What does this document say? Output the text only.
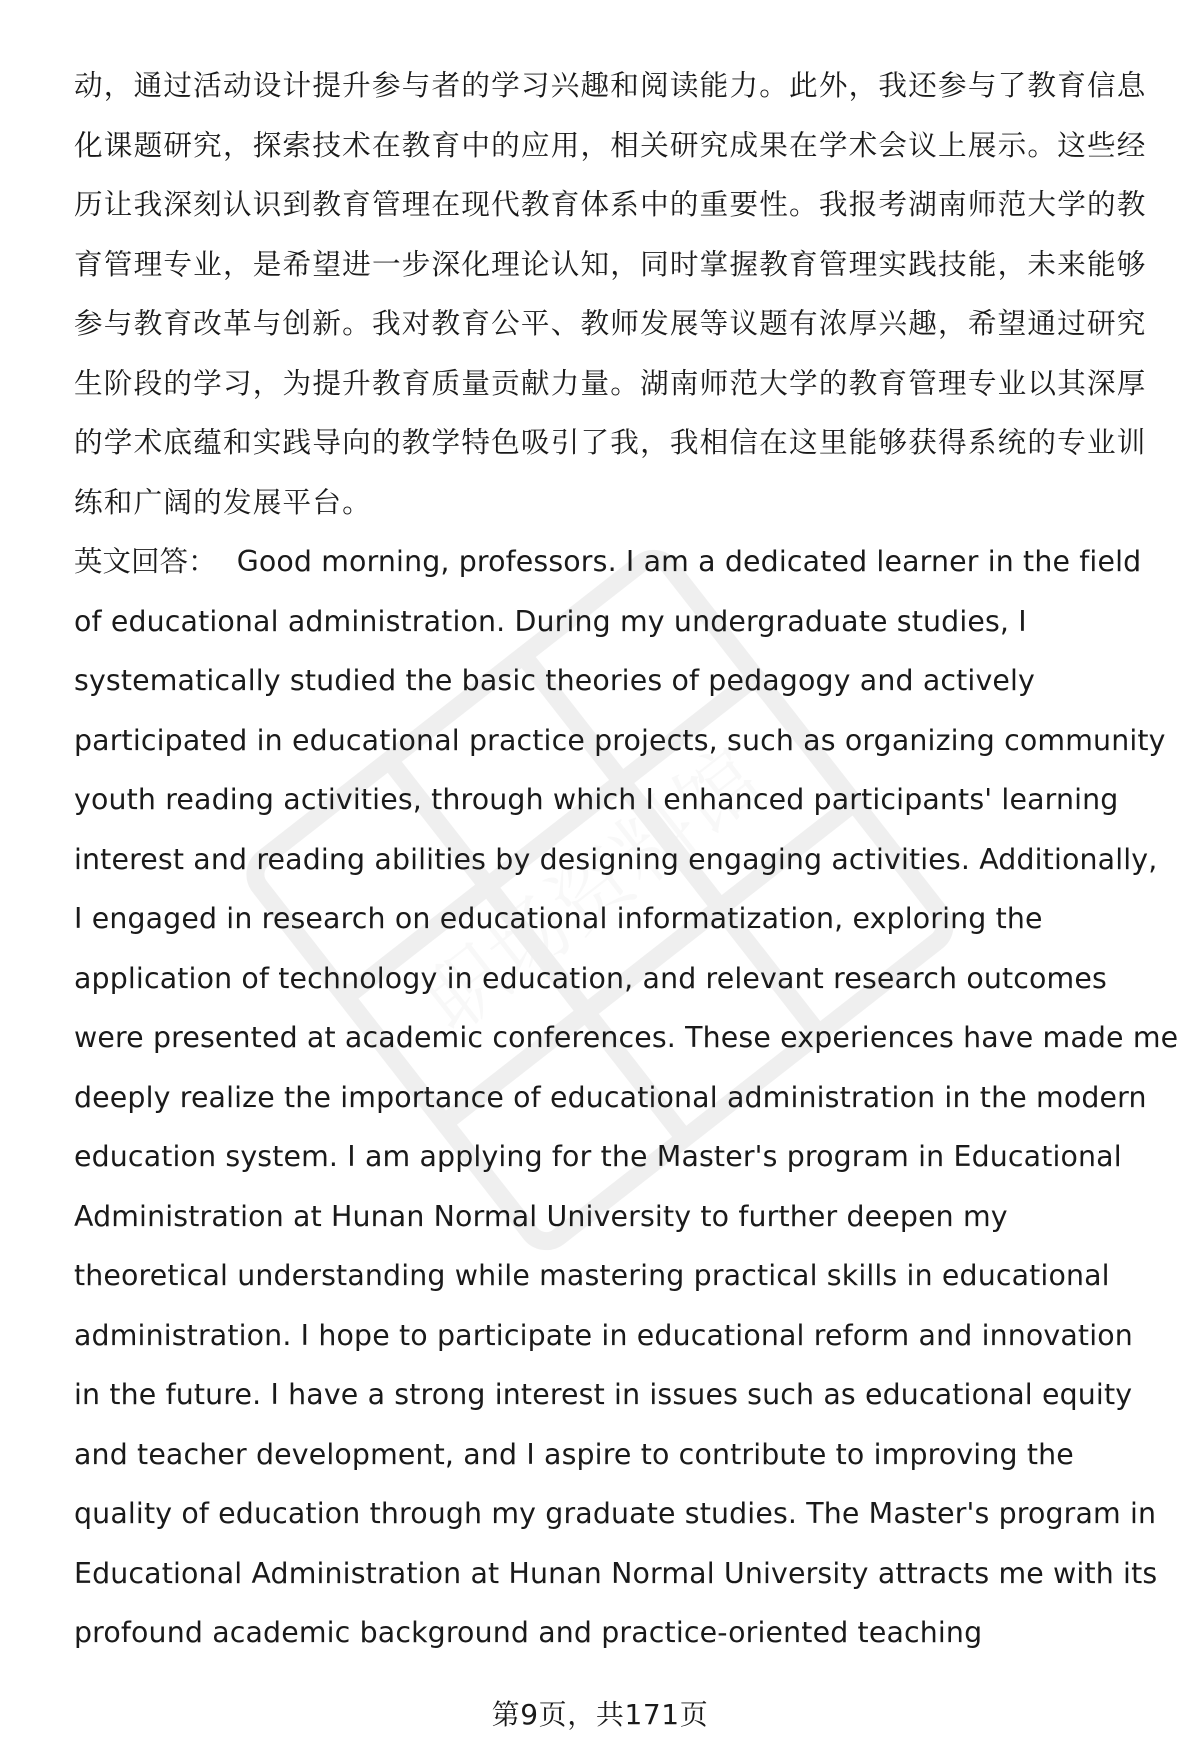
动，通过活动设计提升参与者的学习兴趣和阅读能力。此外，我还参与了教育信息
化课题研究，探索技术在教育中的应用，相关研究成果在学术会议上展示。这些经
历让我深刻认识到教育管理在现代教育体系中的重要性。我报考湖南师范大学的教
育管理专业，是希望进一步深化理论认知，同时掌握教育管理实践技能，未来能够
参与教育改革与创新。我对教育公平、教师发展等议题有浓厚兴趣，希望通过研究
生阶段的学习，为提升教育质量贡献力量。湖南师范大学的教育管理专业以其深厚
的学术底蕴和实践导向的教学特色吸引了我，我相信在这里能够获得系统的专业训
练和广阔的发展平台。
英文回答： Good morning, professors. I am a dedicated learner in the field
of educational administration. During my undergraduate studies, I
systematically studied the basic theories of pedagogy and actively
participated in educational practice projects, such as organizing community
youth reading activities, through which I enhanced participants' learning
interest and reading abilities by designing engaging activities. Additionally,
I engaged in research on educational informatization, exploring the
application of technology in education, and relevant research outcomes
were presented at academic conferences. These experiences have made me
deeply realize the importance of educational administration in the modern
education system. I am applying for the Master's program in Educational
Administration at Hunan Normal University to further deepen my
theoretical understanding while mastering practical skills in educational
administration. I hope to participate in educational reform and innovation
in the future. I have a strong interest in issues such as educational equity
and teacher development, and I aspire to contribute to improving the
quality of education through my graduate studies. The Master's program in
Educational Administration at Hunan Normal University attracts me with its
profound academic background and practice-oriented teaching
第9页，共171页
